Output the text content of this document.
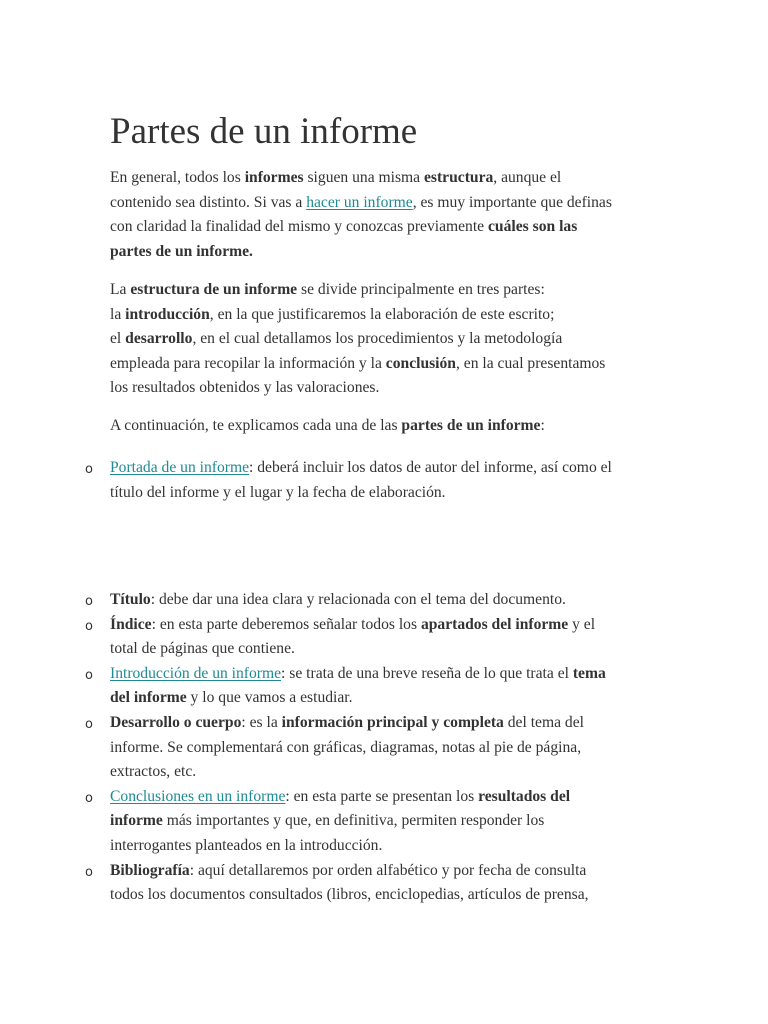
Partes de un informe

En general, todos los informes siguen una misma estructura, aunque el
contenido sea distinto. Si vas a hacer un informe, es muy importante que definas
con claridad la finalidad del mismo y conozcas previamente cuáles son las
partes de un informe.

La estructura de un informe se divide principalmente en tres partes:
la introducción, en la que justificaremos la elaboración de este escrito;
el desarrollo, en el cual detallamos los procedimientos y la metodología
empleada para recopilar la información y la conclusión, en la cual presentamos
los resultados obtenidos y las valoraciones.

A continuación, te explicamos cada una de las partes de un informe:

o Portada de un informe: deberá incluir los datos de autor del informe, así como el
título del informe y el lugar y la fecha de elaboración.
o Título: debe dar una idea clara y relacionada con el tema del documento.
o Índice: en esta parte deberemos señalar todos los apartados del informe y el
total de páginas que contiene.
o Introducción de un informe: se trata de una breve reseña de lo que trata el tema
del informe y lo que vamos a estudiar.
o Desarrollo o cuerpo: es la información principal y completa del tema del
informe. Se complementará con gráficas, diagramas, notas al pie de página,
extractos, etc.
o Conclusiones en un informe: en esta parte se presentan los resultados del
informe más importantes y que, en definitiva, permiten responder los
interrogantes planteados en la introducción.
o Bibliografía: aquí detallaremos por orden alfabético y por fecha de consulta
todos los documentos consultados (libros, enciclopedias, artículos de prensa,
